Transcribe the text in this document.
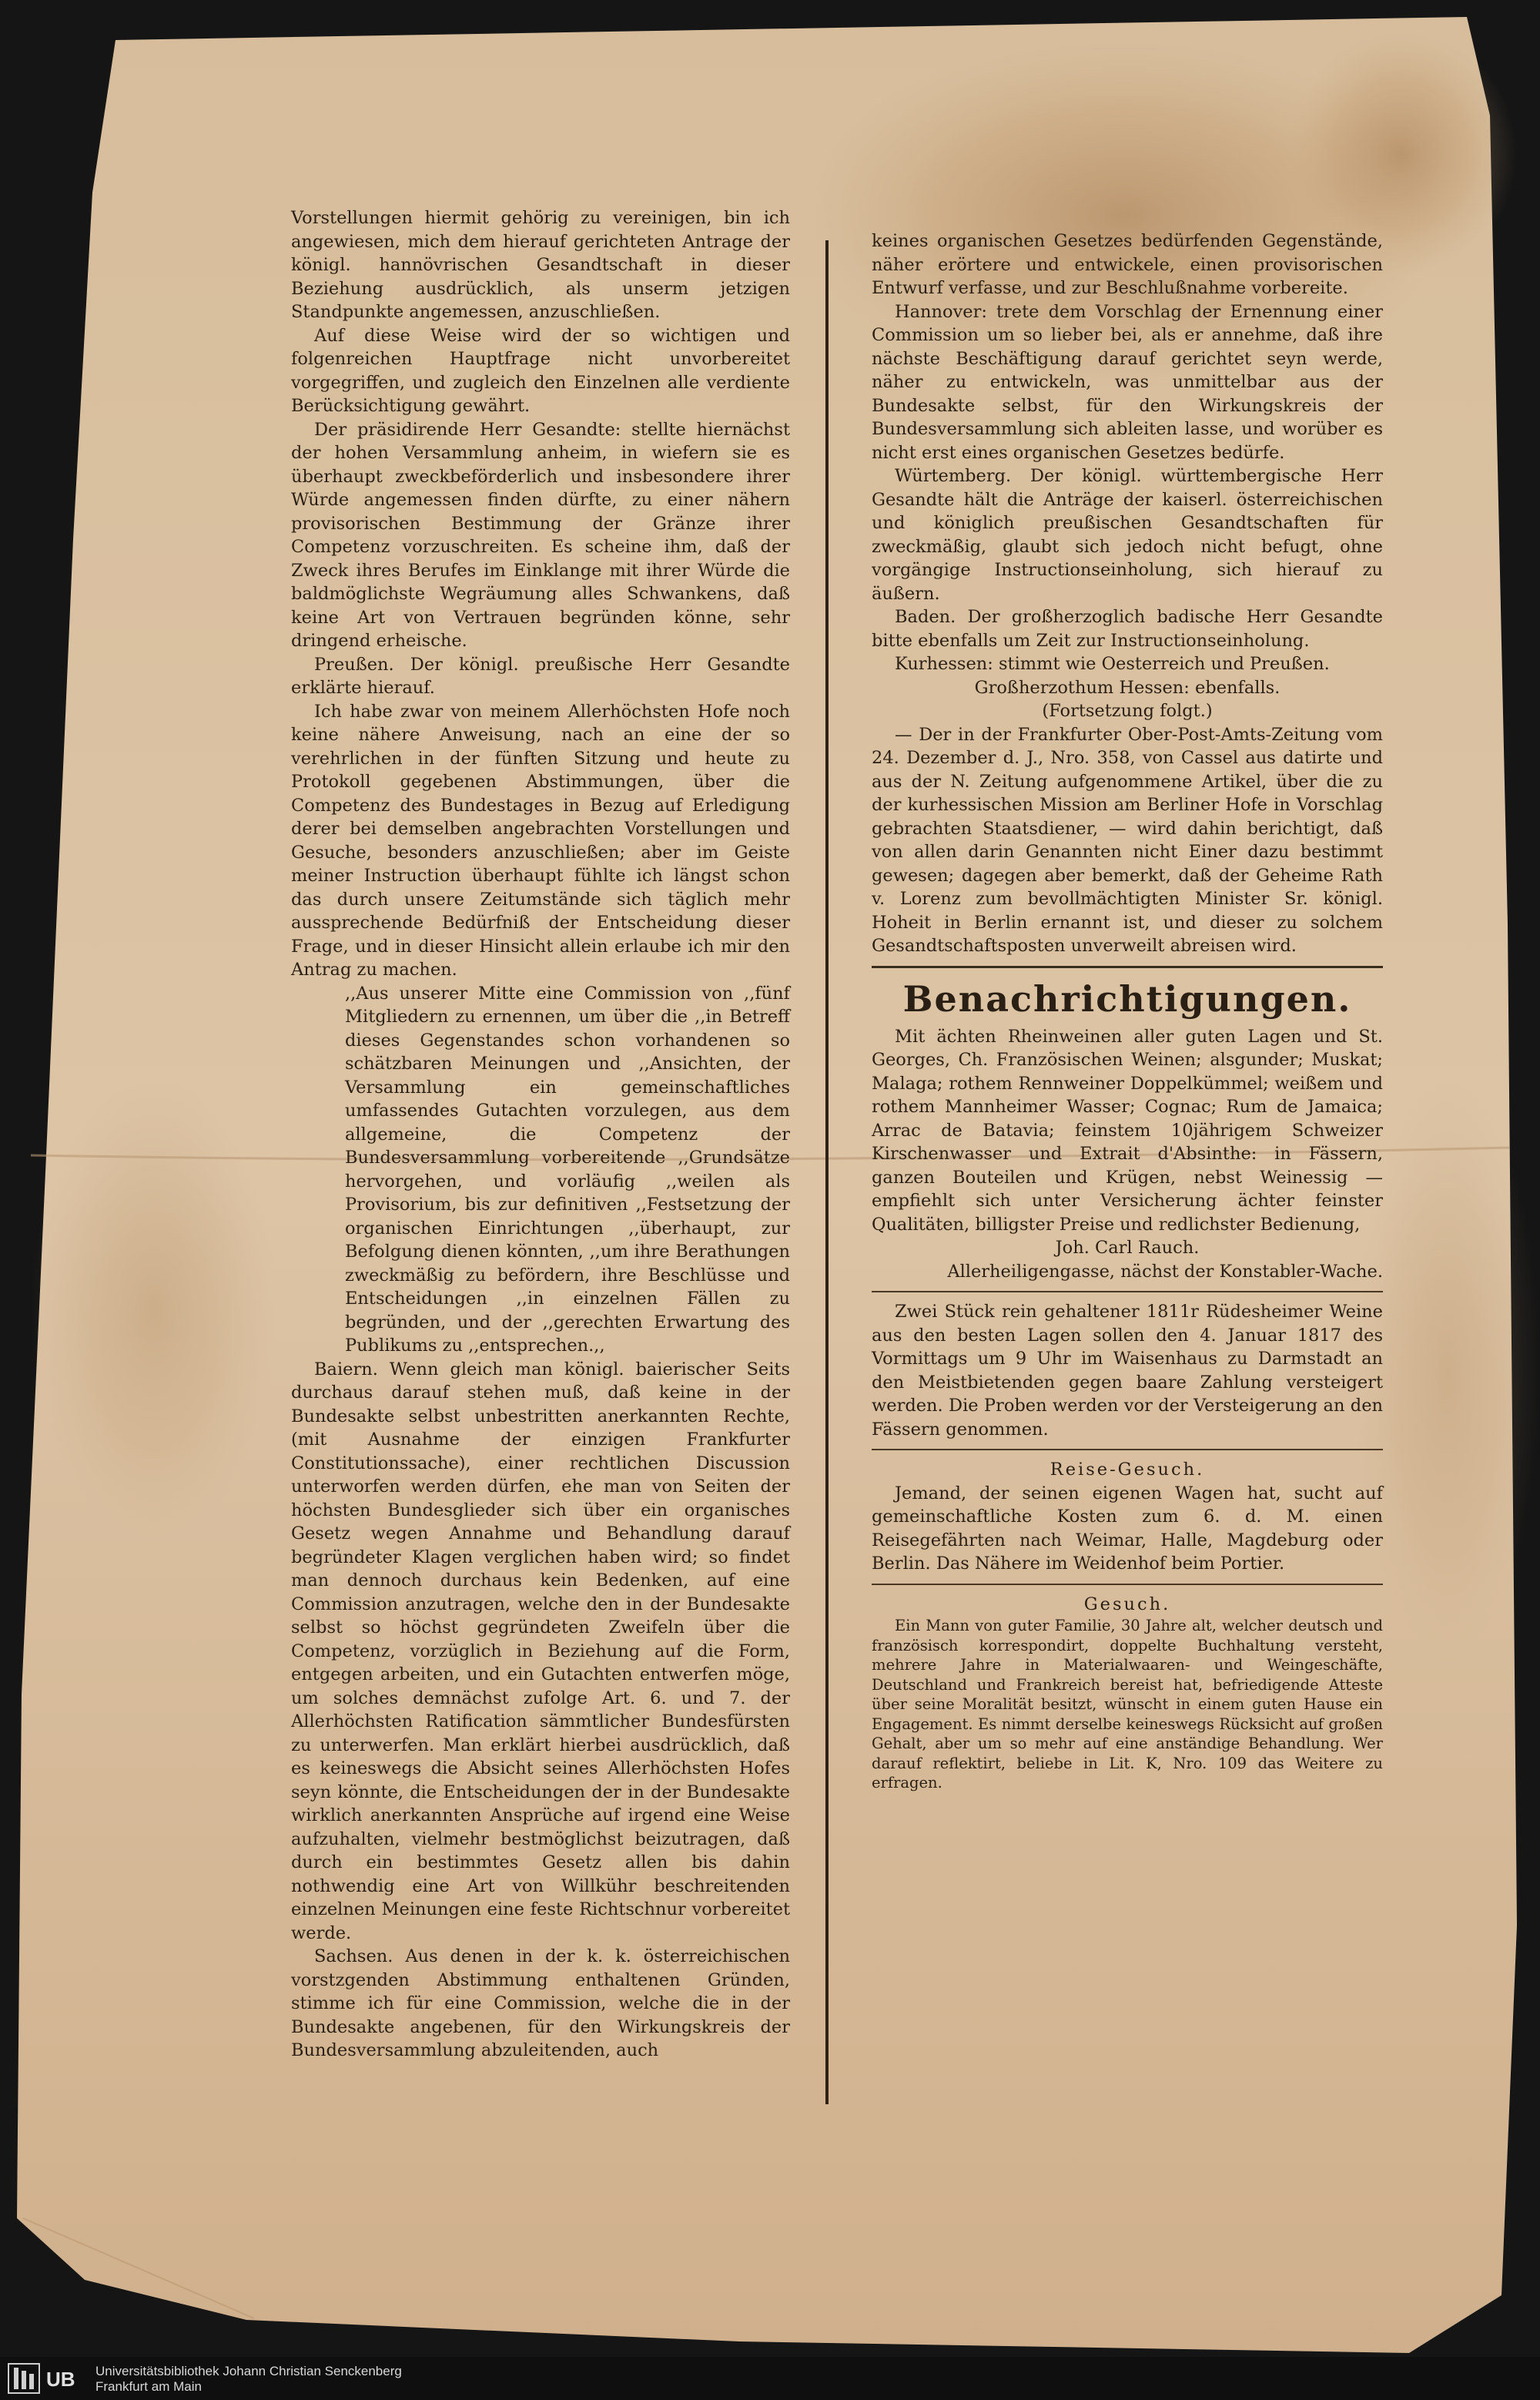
Vorstellungen hiermit gehörig zu vereinigen, bin ich angewiesen, mich dem hierauf gerichteten Antrage der königl. hannövrischen Gesandtschaft in dieser Beziehung ausdrücklich, als unserm jetzigen Standpunkte angemessen, anzuschließen.

Auf diese Weise wird der so wichtigen und folgenreichen Hauptfrage nicht unvorbereitet vorgegriffen, und zugleich den Einzelnen alle verdiente Berücksichtigung gewährt.

Der präsidirende Herr Gesandte: stellte hiernächst der hohen Versammlung anheim, in wiefern sie es überhaupt zweckbeförderlich und insbesondere ihrer Würde angemessen finden dürfte, zu einer nähern provisorischen Bestimmung der Gränze ihrer Competenz vorzuschreiten. Es scheine ihm, daß der Zweck ihres Berufes im Einklange mit ihrer Würde die baldmöglichste Wegräumung alles Schwankens, daß keine Art von Vertrauen begründen könne, sehr dringend erheische.

Preußen. Der königl. preußische Herr Gesandte erklärte hierauf.

Ich habe zwar von meinem Allerhöchsten Hofe noch keine nähere Anweisung, nach an eine der so verehrlichen in der fünften Sitzung und heute zu Protokoll gegebenen Abstimmungen, über die Competenz des Bundestages in Bezug auf Erledigung derer bei demselben angebrachten Vorstellungen und Gesuche, besonders anzuschließen; aber im Geiste meiner Instruction überhaupt fühlte ich längst schon das durch unsere Zeitumstände sich täglich mehr aussprechende Bedürfniß der Entscheidung dieser Frage, und in dieser Hinsicht allein erlaube ich mir den Antrag zu machen.

,,Aus unserer Mitte eine Commission von ,,fünf Mitgliedern zu ernennen, um über die ,,in Betreff dieses Gegenstandes schon vorhandenen so schätzbaren Meinungen und ,,Ansichten, der Versammlung ein gemeinschaftliches umfassendes Gutachten vorzulegen, aus dem allgemeine, die Competenz der Bundesversammlung vorbereitende ,,Grundsätze hervorgehen, und vorläufig ,,weilen als Provisorium, bis zur definitiven ,,Festsetzung der organischen Einrichtungen ,,überhaupt, zur Befolgung dienen könnten, ,,um ihre Berathungen zweckmäßig zu befördern, ihre Beschlüsse und Entscheidungen ,,in einzelnen Fällen zu begründen, und der ,,gerechten Erwartung des Publikums zu ,,entsprechen.,,

Baiern. Wenn gleich man königl. baierischer Seits durchaus darauf stehen muß, daß keine in der Bundesakte selbst unbestritten anerkannten Rechte, (mit Ausnahme der einzigen Frankfurter Constitutionssache), einer rechtlichen Discussion unterworfen werden dürfen, ehe man von Seiten der höchsten Bundesglieder sich über ein organisches Gesetz wegen Annahme und Behandlung darauf begründeter Klagen verglichen haben wird; so findet man dennoch durchaus kein Bedenken, auf eine Commission anzutragen, welche den in der Bundesakte selbst so höchst gegründeten Zweifeln über die Competenz, vorzüglich in Beziehung auf die Form, entgegen arbeiten, und ein Gutachten entwerfen möge, um solches demnächst zufolge Art. 6. und 7. der Allerhöchsten Ratification sämmtlicher Bundesfürsten zu unterwerfen. Man erklärt hierbei ausdrücklich, daß es keineswegs die Absicht seines Allerhöchsten Hofes seyn könnte, die Entscheidungen der in der Bundesakte wirklich anerkannten Ansprüche auf irgend eine Weise aufzuhalten, vielmehr bestmöglichst beizutragen, daß durch ein bestimmtes Gesetz allen bis dahin nothwendig eine Art von Willkühr beschreitenden einzelnen Meinungen eine feste Richtschnur vorbereitet werde.

Sachsen. Aus denen in der k. k. österreichischen vorstzgenden Abstimmung enthaltenen Gründen, stimme ich für eine Commission, welche die in der Bundesakte angebenen, für den Wirkungskreis der Bundesversammlung abzuleitenden, auch

keines organischen Gesetzes bedürfenden Gegenstände, näher erörtere und entwickele, einen provisorischen Entwurf verfasse, und zur Beschlußnahme vorbereite.

Hannover: trete dem Vorschlag der Ernennung einer Commission um so lieber bei, als er annehme, daß ihre nächste Beschäftigung darauf gerichtet seyn werde, näher zu entwickeln, was unmittelbar aus der Bundesakte selbst, für den Wirkungskreis der Bundesversammlung sich ableiten lasse, und worüber es nicht erst eines organischen Gesetzes bedürfe.

Würtemberg. Der königl. württembergische Herr Gesandte hält die Anträge der kaiserl. österreichischen und königlich preußischen Gesandtschaften für zweckmäßig, glaubt sich jedoch nicht befugt, ohne vorgängige Instructionseinholung, sich hierauf zu äußern.

Baden. Der großherzoglich badische Herr Gesandte bitte ebenfalls um Zeit zur Instructionseinholung.

Kurhessen: stimmt wie Oesterreich und Preußen.

Großherzothum Hessen: ebenfalls.

(Fortsetzung folgt.)

— Der in der Frankfurter Ober-Post-Amts-Zeitung vom 24. Dezember d. J., Nro. 358, von Cassel aus datirte und aus der N. Zeitung aufgenommene Artikel, über die zu der kurhessischen Mission am Berliner Hofe in Vorschlag gebrachten Staatsdiener, — wird dahin berichtigt, daß von allen darin Genannten nicht Einer dazu bestimmt gewesen; dagegen aber bemerkt, daß der Geheime Rath v. Lorenz zum bevollmächtigten Minister Sr. königl. Hoheit in Berlin ernannt ist, und dieser zu solchem Gesandtschaftsposten unverweilt abreisen wird.

Benachrichtigungen.

Mit ächten Rheinweinen aller guten Lagen und St. Georges, Ch. Französischen Weinen; alsgunder; Muskat; Malaga; rothem Rennweiner Doppelkümmel; weißem und rothem Mannheimer Wasser; Cognac; Rum de Jamaica; Arrac de Batavia; feinstem 10jährigem Schweizer Kirschenwasser und Extrait d'Absinthe: in Fässern, ganzen Bouteilen und Krügen, nebst Weinessig — empfiehlt sich unter Versicherung ächter feinster Qualitäten, billigster Preise und redlichster Bedienung,

Joh. Carl Rauch.

Allerheiligengasse, nächst der Konstabler-Wache.

Zwei Stück rein gehaltener 1811r Rüdesheimer Weine aus den besten Lagen sollen den 4. Januar 1817 des Vormittags um 9 Uhr im Waisenhaus zu Darmstadt an den Meistbietenden gegen baare Zahlung versteigert werden. Die Proben werden vor der Versteigerung an den Fässern genommen.

Reise-Gesuch.

Jemand, der seinen eigenen Wagen hat, sucht auf gemeinschaftliche Kosten zum 6. d. M. einen Reisegefährten nach Weimar, Halle, Magdeburg oder Berlin. Das Nähere im Weidenhof beim Portier.

Gesuch.

Ein Mann von guter Familie, 30 Jahre alt, welcher deutsch und französisch korrespondirt, doppelte Buchhaltung versteht, mehrere Jahre in Materialwaaren- und Weingeschäfte, Deutschland und Frankreich bereist hat, befriedigende Atteste über seine Moralität besitzt, wünscht in einem guten Hause ein Engagement. Es nimmt derselbe keineswegs Rücksicht auf großen Gehalt, aber um so mehr auf eine anständige Behandlung. Wer darauf reflektirt, beliebe in Lit. K, Nro. 109 das Weitere zu erfragen.

UB Universitätsbibliothek Johann Christian Senckenberg
Frankfurt am Main
